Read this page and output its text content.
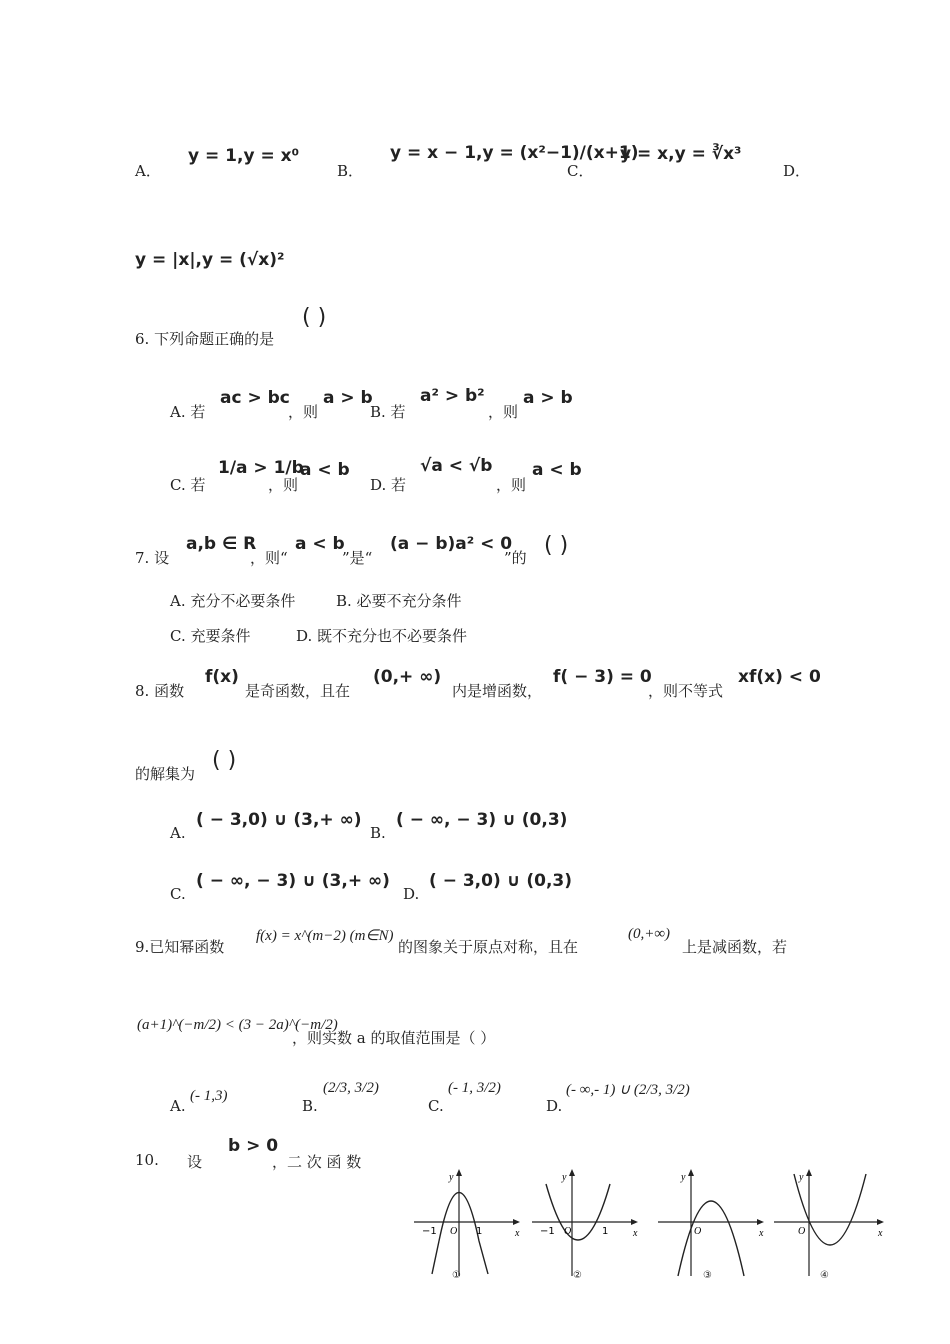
A．
y = 1,y = x⁰
B．
y = x − 1,y = (x²−1)/(x+1)
C．
y = x,y = ∛x³
D．
y = |x|,y = (√x)²
6. 下列命题正确的是
( )
A. 若
ac > bc
，则
a > b
B. 若
a² > b²
，则
a > b
C. 若
1/a > 1/b
，则
a < b
D. 若
√a < √b
，则
a < b
7. 设
a,b ∈ R
，则“
a < b
”是“
(a − b)a² < 0
”的 ( )
A. 充分不必要条件	B. 必要不充分条件
C. 充要条件	D. 既不充分也不必要条件
8. 函数
f(x)
是奇函数，且在
(0,+ ∞)
内是增函数，
f( − 3) = 0
，则不等式
xf(x) < 0
的解集为
( )
A.
( − 3,0) ∪ (3,+ ∞)
B.
( − ∞, − 3) ∪ (0,3)
C.
( − ∞, − 3) ∪ (3,+ ∞)
D.
( − 3,0) ∪ (0,3)
9.已知幂函数
f(x) = x^(m−2) (m∈N)
的图象关于原点对称，且在
(0,+∞)
上是减函数，若
(a+1)^(−m/2) < (3 − 2a)^(−m/2)
，则实数 a 的取值范围是（ ）
A.
(- 1,3)
B.
(2/3, 3/2)
C.
(- 1, 3/2)
D.
(- ∞,- 1) ∪ (2/3, 3/2)
10. 设
b > 0
，二 次 函 数
y
x
O
−1	1
①
y
x
O
−1	1
②
y
x
O
③
y
x
O
④
